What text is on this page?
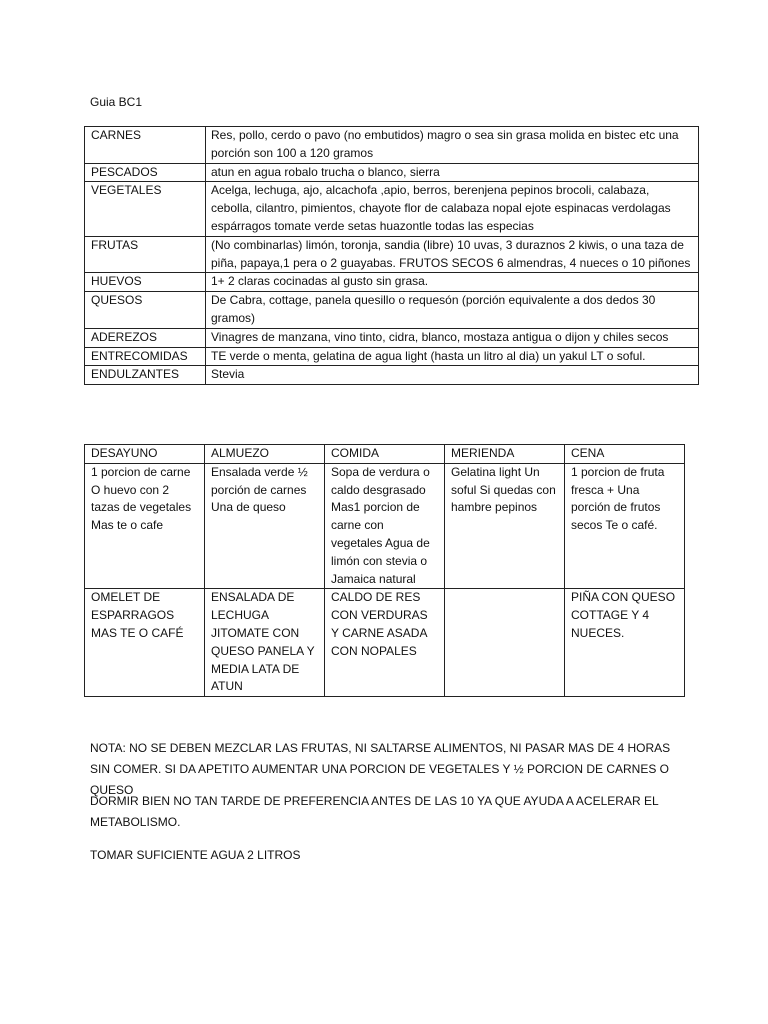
Guia BC1
CARNES	Res, pollo, cerdo o pavo (no embutidos) magro o sea sin grasa molida en bistec etc una porción son 100 a 120 gramos
PESCADOS	atun en agua robalo trucha o blanco, sierra
VEGETALES	Acelga, lechuga, ajo, alcachofa ,apio, berros, berenjena pepinos brocoli, calabaza, cebolla, cilantro, pimientos, chayote flor de calabaza nopal ejote espinacas verdolagas espárragos tomate verde setas huazontle todas las especias
FRUTAS	(No combinarlas) limón, toronja, sandia (libre) 10 uvas, 3 duraznos 2 kiwis, o una taza de piña, papaya,1 pera o 2 guayabas. FRUTOS SECOS 6 almendras, 4 nueces o 10 piñones
HUEVOS	1+ 2 claras cocinadas al gusto sin grasa.
QUESOS	De Cabra, cottage, panela quesillo o requesón (porción equivalente a dos dedos 30 gramos)
ADEREZOS	Vinagres de manzana, vino tinto, cidra, blanco, mostaza antigua o dijon y chiles secos
ENTRECOMIDAS	TE verde o menta, gelatina de agua light (hasta un litro al dia) un yakul LT o soful.
ENDULZANTES	Stevia
DESAYUNO	ALMUEZO	COMIDA	MERIENDA	CENA
1 porcion de carne O huevo con 2 tazas de vegetales Mas te o cafe	Ensalada verde ½ porción de carnes Una de queso	Sopa de verdura o caldo desgrasado Mas1 porcion de carne con vegetales Agua de limón con stevia o Jamaica natural	Gelatina light Un soful Si quedas con hambre pepinos	1 porcion de fruta fresca + Una porción de frutos secos Te o café.
OMELET DE ESPARRAGOS MAS TE O CAFÉ	ENSALADA DE LECHUGA JITOMATE CON QUESO PANELA Y MEDIA LATA DE ATUN	CALDO DE RES CON VERDURAS Y CARNE ASADA CON NOPALES		PIÑA CON QUESO COTTAGE Y 4 NUECES.
NOTA: NO SE DEBEN MEZCLAR LAS FRUTAS, NI SALTARSE ALIMENTOS, NI PASAR MAS DE 4 HORAS SIN COMER. SI DA APETITO AUMENTAR UNA PORCION DE VEGETALES Y ½ PORCION DE CARNES O QUESO
DORMIR BIEN NO TAN TARDE DE PREFERENCIA ANTES DE LAS 10 YA QUE AYUDA A ACELERAR EL METABOLISMO.
TOMAR SUFICIENTE AGUA 2 LITROS
